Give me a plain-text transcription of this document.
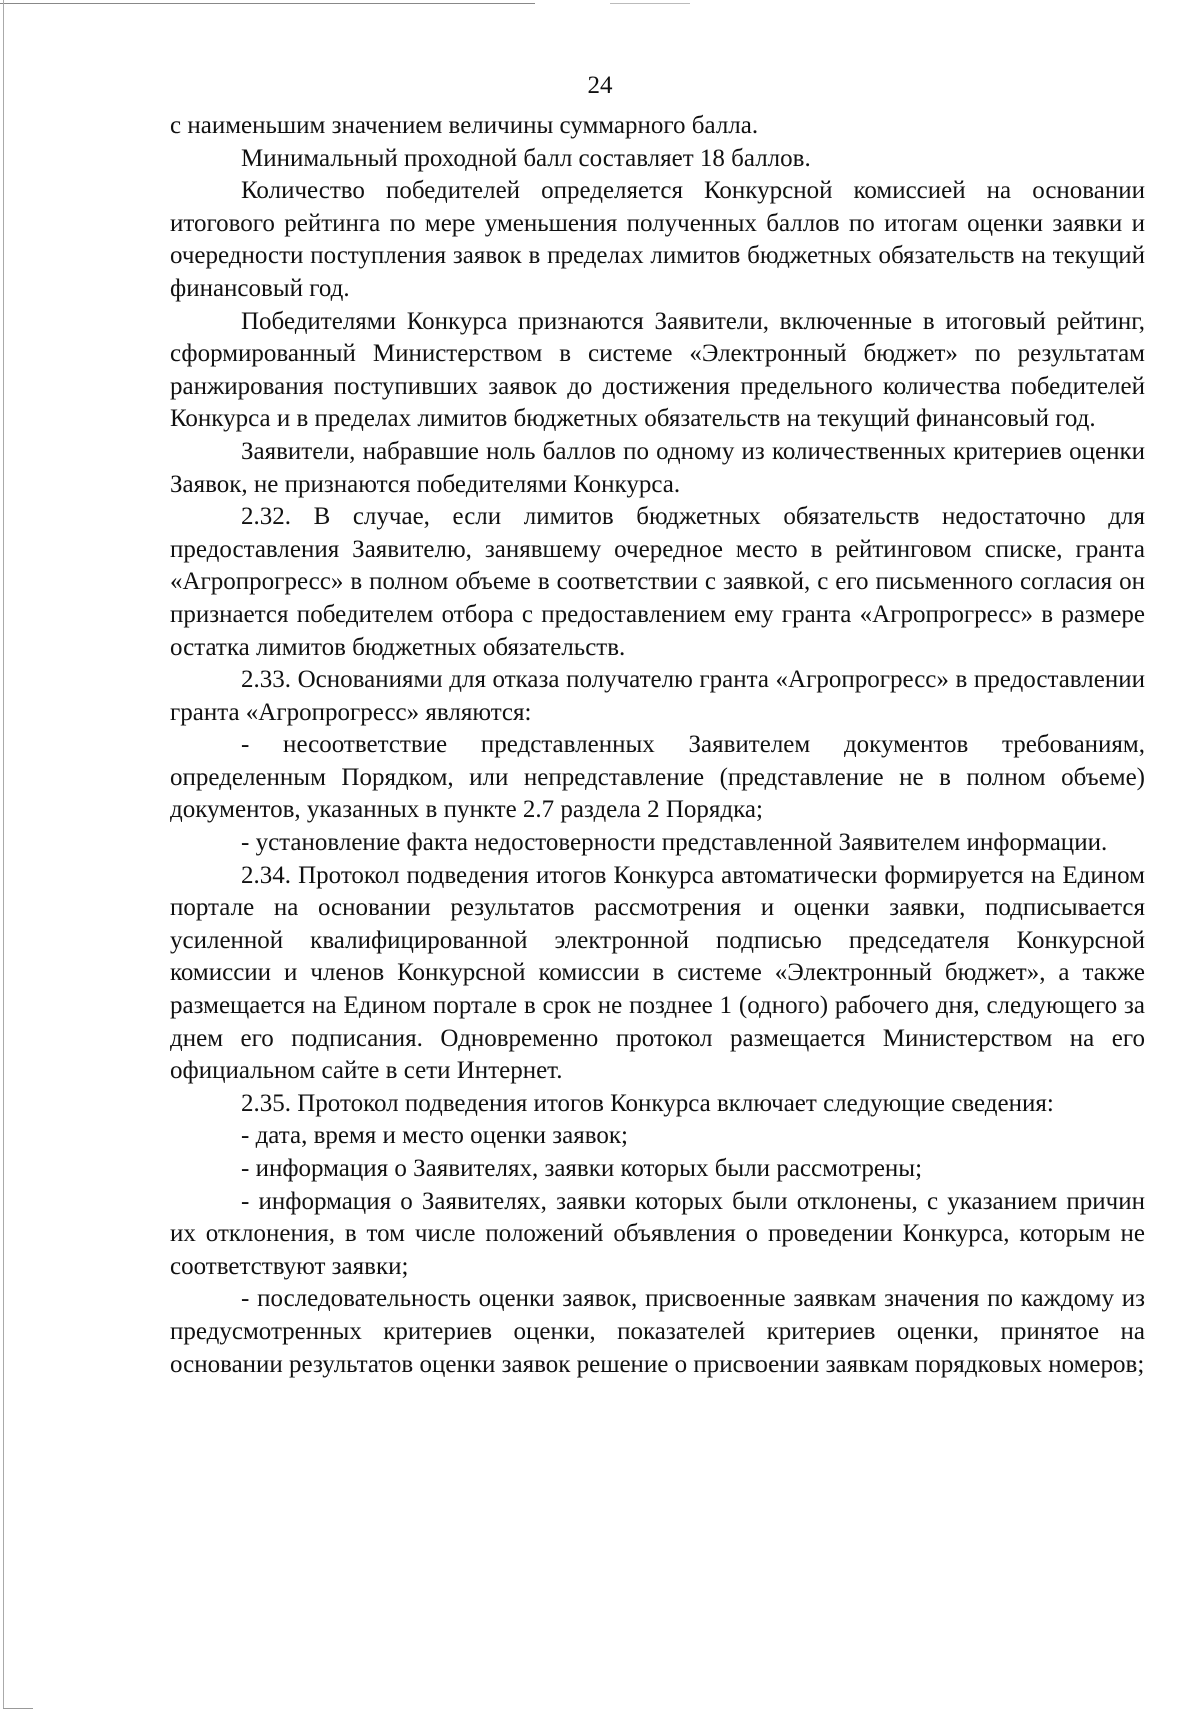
24

с наименьшим значением величины суммарного балла.

Минимальный проходной балл составляет 18 баллов.

Количество победителей определяется Конкурсной комиссией на основании итогового рейтинга по мере уменьшения полученных баллов по итогам оценки заявки и очередности поступления заявок в пределах лимитов бюджетных обязательств на текущий финансовый год.

Победителями Конкурса признаются Заявители, включенные в итоговый рейтинг, сформированный Министерством в системе «Электронный бюджет» по результатам ранжирования поступивших заявок до достижения предельного количества победителей Конкурса и в пределах лимитов бюджетных обязательств на текущий финансовый год.

Заявители, набравшие ноль баллов по одному из количественных критериев оценки Заявок, не признаются победителями Конкурса.

2.32. В случае, если лимитов бюджетных обязательств недостаточно для предоставления Заявителю, занявшему очередное место в рейтинговом списке, гранта «Агропрогресс» в полном объеме в соответствии с заявкой, с его письменного согласия он признается победителем отбора с предоставлением ему гранта «Агропрогресс» в размере остатка лимитов бюджетных обязательств.

2.33. Основаниями для отказа получателю гранта «Агропрогресс» в предоставлении гранта «Агропрогресс» являются:

- несоответствие представленных Заявителем документов требованиям, определенным Порядком, или непредставление (представление не в полном объеме) документов, указанных в пункте 2.7 раздела 2 Порядка;

- установление факта недостоверности представленной Заявителем информации.

2.34. Протокол подведения итогов Конкурса автоматически формируется на Едином портале на основании результатов рассмотрения и оценки заявки, подписывается усиленной квалифицированной электронной подписью председателя Конкурсной комиссии и членов Конкурсной комиссии в системе «Электронный бюджет», а также размещается на Едином портале в срок не позднее 1 (одного) рабочего дня, следующего за днем его подписания. Одновременно протокол размещается Министерством на его официальном сайте в сети Интернет.

2.35. Протокол подведения итогов Конкурса включает следующие сведения:

- дата, время и место оценки заявок;

- информация о Заявителях, заявки которых были рассмотрены;

- информация о Заявителях, заявки которых были отклонены, с указанием причин их отклонения, в том числе положений объявления о проведении Конкурса, которым не соответствуют заявки;

- последовательность оценки заявок, присвоенные заявкам значения по каждому из предусмотренных критериев оценки, показателей критериев оценки, принятое на основании результатов оценки заявок решение о присвоении заявкам порядковых номеров;
